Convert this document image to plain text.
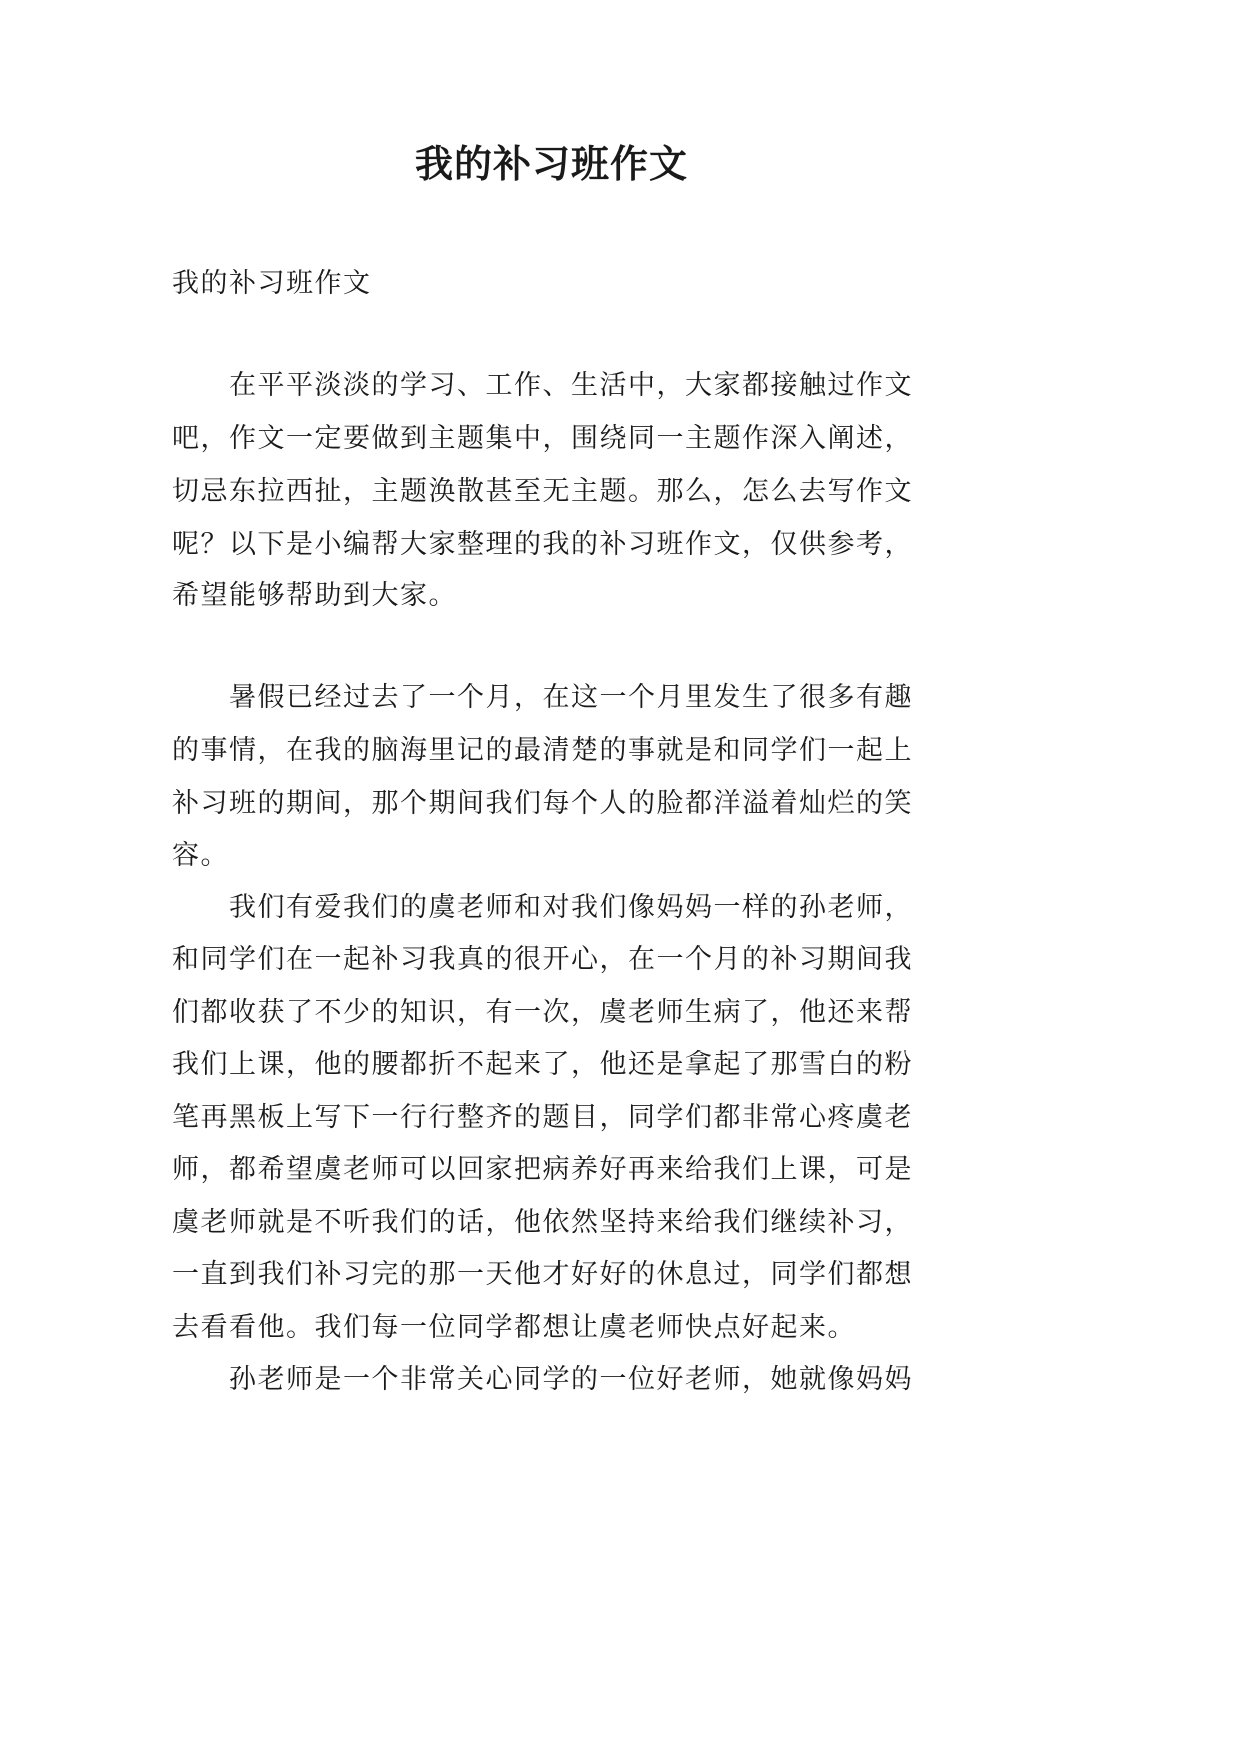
我的补习班作文
我的补习班作文
　　在平平淡淡的学习、工作、生活中，大家都接触过作文
吧，作文一定要做到主题集中，围绕同一主题作深入阐述，
切忌东拉西扯，主题涣散甚至无主题。那么，怎么去写作文
呢？以下是小编帮大家整理的我的补习班作文，仅供参考，
希望能够帮助到大家。
　　暑假已经过去了一个月，在这一个月里发生了很多有趣
的事情，在我的脑海里记的最清楚的事就是和同学们一起上
补习班的期间，那个期间我们每个人的脸都洋溢着灿烂的笑
容。
　　我们有爱我们的虞老师和对我们像妈妈一样的孙老师，
和同学们在一起补习我真的很开心，在一个月的补习期间我
们都收获了不少的知识，有一次，虞老师生病了，他还来帮
我们上课，他的腰都折不起来了，他还是拿起了那雪白的粉
笔再黑板上写下一行行整齐的题目，同学们都非常心疼虞老
师，都希望虞老师可以回家把病养好再来给我们上课，可是
虞老师就是不听我们的话，他依然坚持来给我们继续补习，
一直到我们补习完的那一天他才好好的休息过，同学们都想
去看看他。我们每一位同学都想让虞老师快点好起来。
　　孙老师是一个非常关心同学的一位好老师，她就像妈妈
